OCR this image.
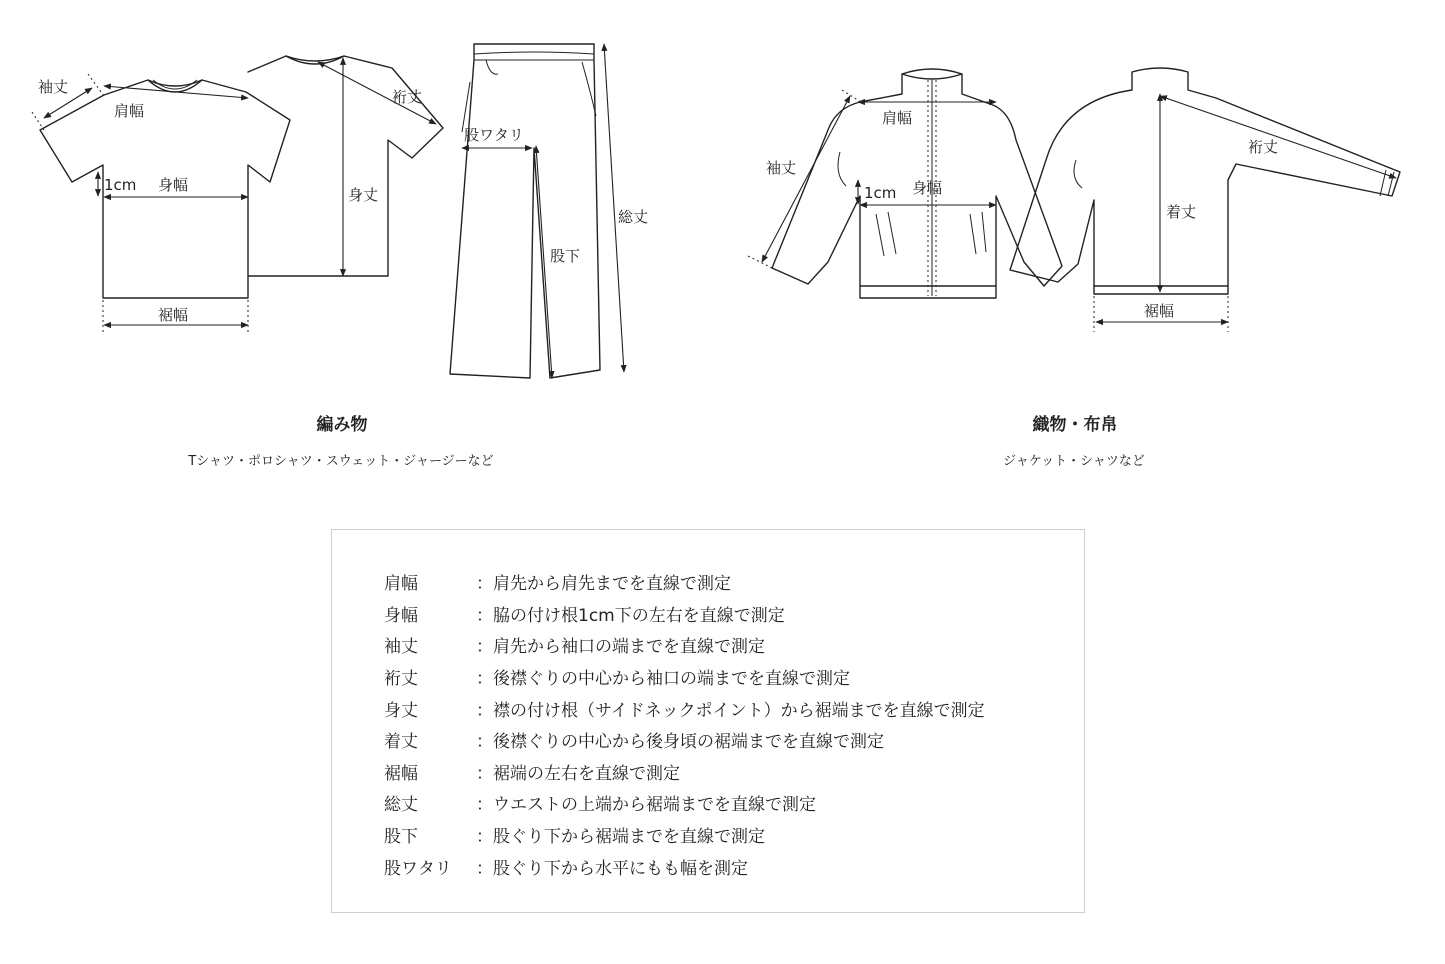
袖丈
肩幅
1cm 身幅
裾幅
裄丈
身丈
股ワタリ
股下
総丈
肩幅
袖丈
1cm 身幅
裄丈
着丈
裾幅
編み物
Tシャツ・ポロシャツ・スウェット・ジャージーなど
織物・布帛
ジャケット・シャツなど
肩幅	：肩先から肩先までを直線で測定
身幅	：脇の付け根1cm下の左右を直線で測定
袖丈	：肩先から袖口の端までを直線で測定
裄丈	：後襟ぐりの中心から袖口の端までを直線で測定
身丈	：襟の付け根（サイドネックポイント）から裾端までを直線で測定
着丈	：後襟ぐりの中心から後身頃の裾端までを直線で測定
裾幅	：裾端の左右を直線で測定
総丈	：ウエストの上端から裾端までを直線で測定
股下	：股ぐり下から裾端までを直線で測定
股ワタリ	：股ぐり下から水平にもも幅を測定
